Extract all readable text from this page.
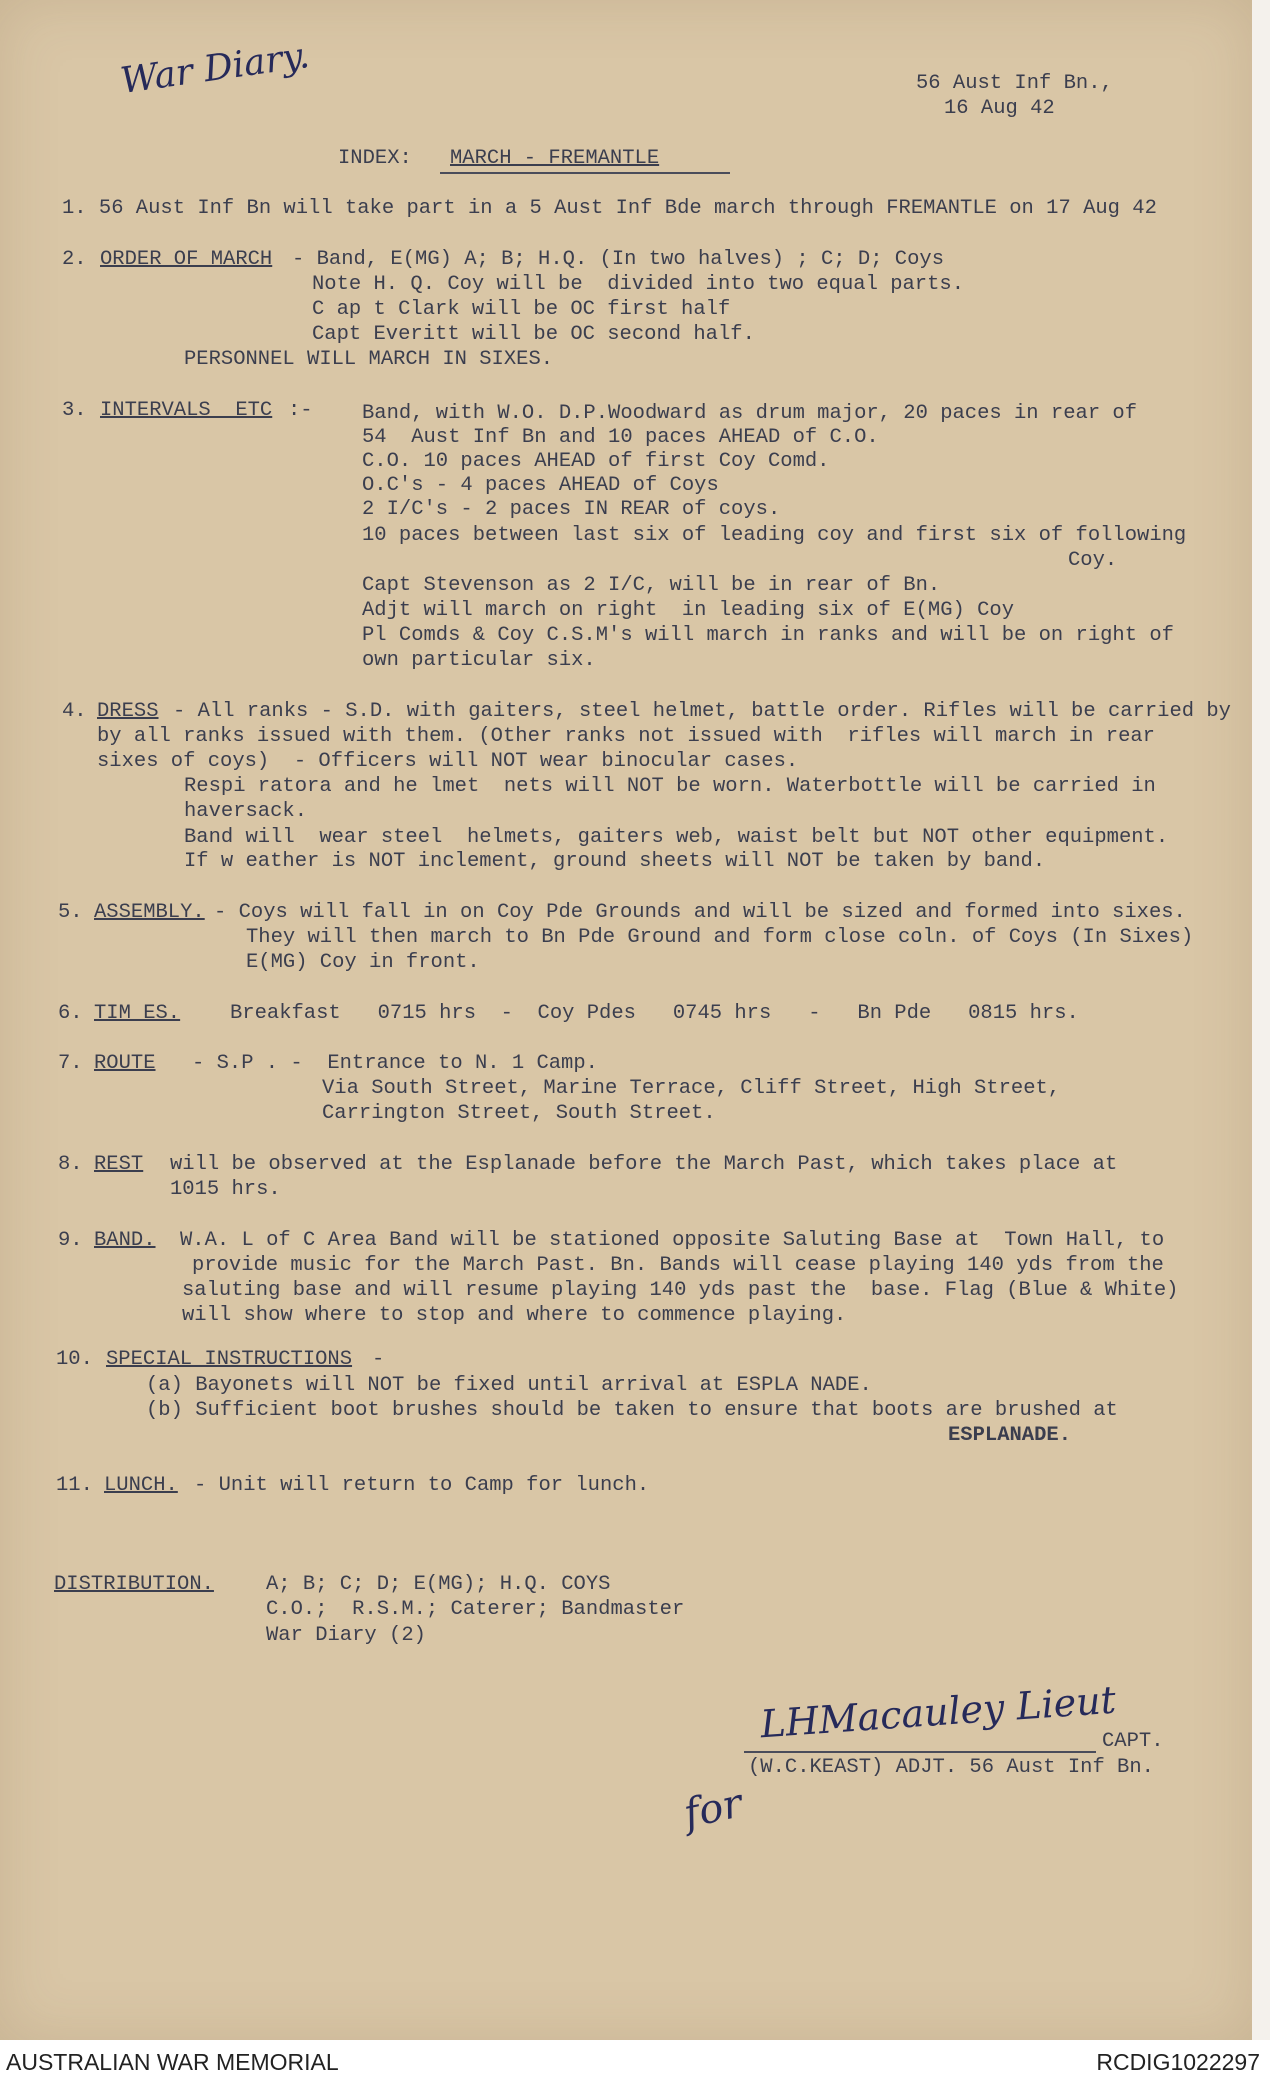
War Diary.	56 Aust Inf Bn.,
16 Aug 42
INDEX: MARCH - FREMANTLE
1. 56 Aust Inf Bn will take part in a 5 Aust Inf Bde march through FREMANTLE on 17 Aug 42
2. ORDER OF MARCH - Band, E(MG) A; B; H.Q. (In two halves) ; C; D; Coys
Note H. Q. Coy will be  divided into two equal parts.
C ap t Clark will be OC first half
Capt Everitt will be OC second half.
PERSONNEL WILL MARCH IN SIXES.
3. INTERVALS  ETC :- Band, with W.O. D.P.Woodward as drum major, 20 paces in rear of
54  Aust Inf Bn and 10 paces AHEAD of C.O.
C.O. 10 paces AHEAD of first Coy Comd.
O.C's - 4 paces AHEAD of Coys
2 I/C's - 2 paces IN REAR of coys.
10 paces between last six of leading coy and first six of following
Coy.
Capt Stevenson as 2 I/C, will be in rear of Bn.
Adjt will march on right  in leading six of E(MG) Coy
Pl Comds & Coy C.S.M's will march in ranks and will be on right of
own particular six.
4. DRESS - All ranks - S.D. with gaiters, steel helmet, battle order. Rifles will be carried by
by all ranks issued with them. (Other ranks not issued with  rifles will march in rear
sixes of coys)  - Officers will NOT wear binocular cases.
Respi ratora and he lmet  nets will NOT be worn. Waterbottle will be carried in
haversack.
Band will  wear steel  helmets, gaiters web, waist belt but NOT other equipment.
If w eather is NOT inclement, ground sheets will NOT be taken by band.
5. ASSEMBLY. - Coys will fall in on Coy Pde Grounds and will be sized and formed into sixes.
They will then march to Bn Pde Ground and form close coln. of Coys (In Sixes)
E(MG) Coy in front.
6. TIM ES. Breakfast   0715 hrs  -  Coy Pdes   0745 hrs   -   Bn Pde   0815 hrs.
7. ROUTE - S.P . -  Entrance to N. 1 Camp.
Via South Street, Marine Terrace, Cliff Street, High Street,
Carrington Street, South Street.
8. REST will be observed at the Esplanade before the March Past, which takes place at
1015 hrs.
9. BAND. W.A. L of C Area Band will be stationed opposite Saluting Base at  Town Hall, to
provide music for the March Past. Bn. Bands will cease playing 140 yds from the
saluting base and will resume playing 140 yds past the  base. Flag (Blue & White)
will show where to stop and where to commence playing.
10. SPECIAL INSTRUCTIONS -
(a) Bayonets will NOT be fixed until arrival at ESPLA NADE.
(b) Sufficient boot brushes should be taken to ensure that boots are brushed at
ESPLANADE.
11. LUNCH. - Unit will return to Camp for lunch.
DISTRIBUTION.	A; B; C; D; E(MG); H.Q. COYS
C.O.;  R.S.M.; Caterer; Bandmaster
War Diary (2)
LHMacauley Lieut
CAPT.
(W.C.KEAST) ADJT. 56 Aust Inf Bn.
for
AUSTRALIAN WAR MEMORIAL	RCDIG1022297
